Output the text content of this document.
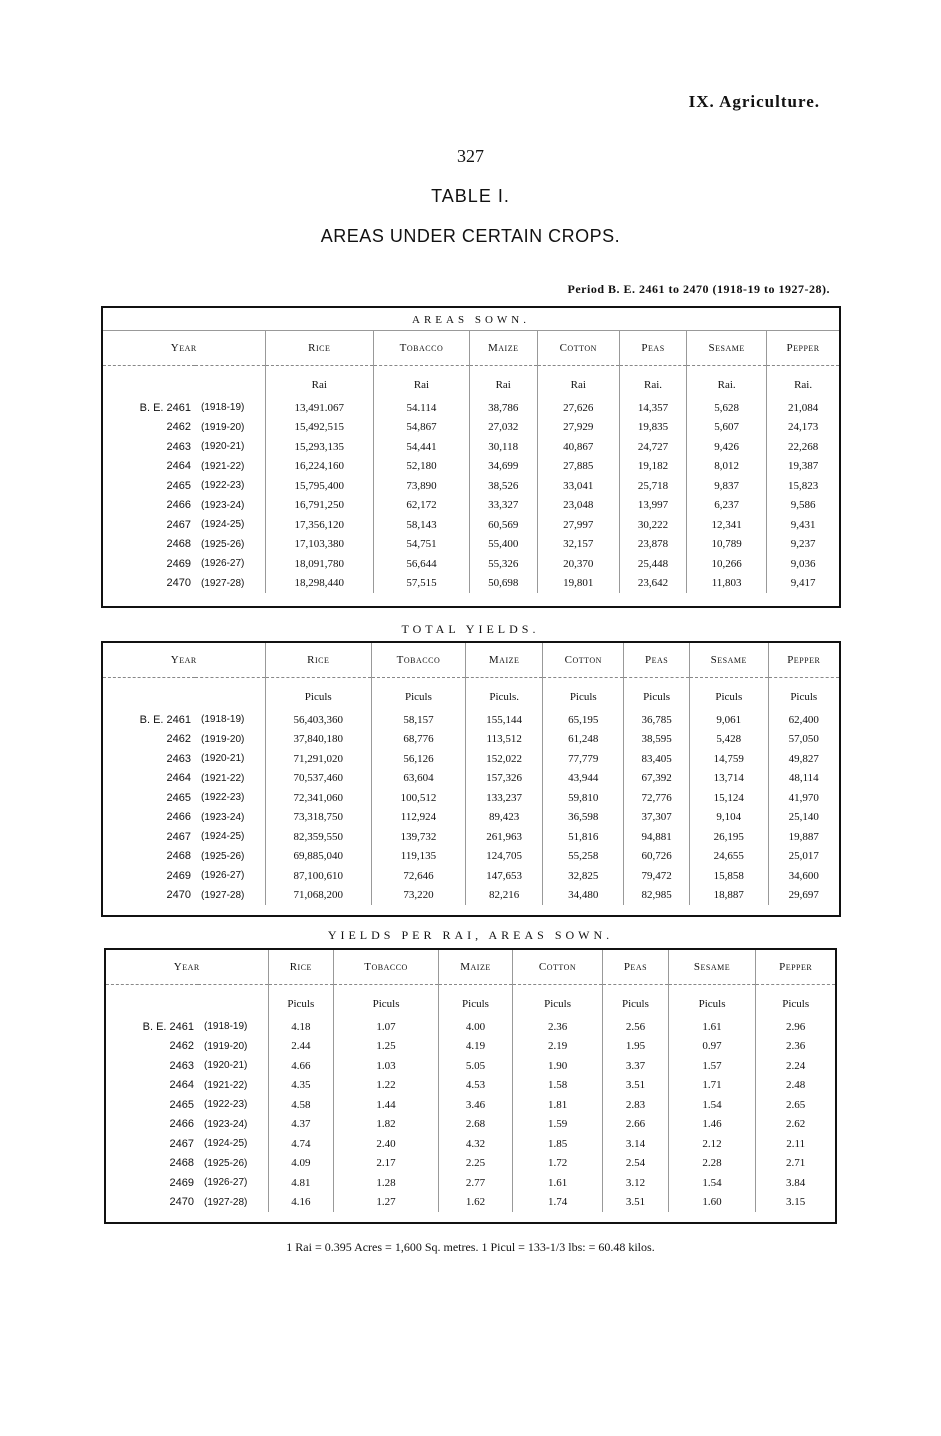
IX. Agriculture.
327
TABLE I.
AREAS UNDER CERTAIN CROPS.
Period B. E. 2461 to 2470 (1918-19 to 1927-28).
AREAS SOWN.
Year		Rice	Tobacco	Maize	Cotton	Peas	Sesame	Pepper
		Rai	Rai	Rai	Rai	Rai.	Rai.	Rai.
B. E. 2461	(1918-19)	13,491.067	54.114	38,786	27,626	14,357	5,628	21,084
2462	(1919-20)	15,492,515	54,867	27,032	27,929	19,835	5,607	24,173
2463	(1920-21)	15,293,135	54,441	30,118	40,867	24,727	9,426	22,268
2464	(1921-22)	16,224,160	52,180	34,699	27,885	19,182	8,012	19,387
2465	(1922-23)	15,795,400	73,890	38,526	33,041	25,718	9,837	15,823
2466	(1923-24)	16,791,250	62,172	33,327	23,048	13,997	6,237	9,586
2467	(1924-25)	17,356,120	58,143	60,569	27,997	30,222	12,341	9,431
2468	(1925-26)	17,103,380	54,751	55,400	32,157	23,878	10,789	9,237
2469	(1926-27)	18,091,780	56,644	55,326	20,370	25,448	10,266	9,036
2470	(1927-28)	18,298,440	57,515	50,698	19,801	23,642	11,803	9,417
TOTAL YIELDS.
Year		Rice	Tobacco	Maize	Cotton	Peas	Sesame	Pepper
		Piculs	Piculs	Piculs.	Piculs	Piculs	Piculs	Piculs
B. E. 2461	(1918-19)	56,403,360	58,157	155,144	65,195	36,785	9,061	62,400
2462	(1919-20)	37,840,180	68,776	113,512	61,248	38,595	5,428	57,050
2463	(1920-21)	71,291,020	56,126	152,022	77,779	83,405	14,759	49,827
2464	(1921-22)	70,537,460	63,604	157,326	43,944	67,392	13,714	48,114
2465	(1922-23)	72,341,060	100,512	133,237	59,810	72,776	15,124	41,970
2466	(1923-24)	73,318,750	112,924	89,423	36,598	37,307	9,104	25,140
2467	(1924-25)	82,359,550	139,732	261,963	51,816	94,881	26,195	19,887
2468	(1925-26)	69,885,040	119,135	124,705	55,258	60,726	24,655	25,017
2469	(1926-27)	87,100,610	72,646	147,653	32,825	79,472	15,858	34,600
2470	(1927-28)	71,068,200	73,220	82,216	34,480	82,985	18,887	29,697
YIELDS PER RAI, AREAS SOWN.
Year		Rice	Tobacco	Maize	Cotton	Peas	Sesame	Pepper
		Piculs	Piculs	Piculs	Piculs	Piculs	Piculs	Piculs
B. E. 2461	(1918-19)	4.18	1.07	4.00	2.36	2.56	1.61	2.96
2462	(1919-20)	2.44	1.25	4.19	2.19	1.95	0.97	2.36
2463	(1920-21)	4.66	1.03	5.05	1.90	3.37	1.57	2.24
2464	(1921-22)	4.35	1.22	4.53	1.58	3.51	1.71	2.48
2465	(1922-23)	4.58	1.44	3.46	1.81	2.83	1.54	2.65
2466	(1923-24)	4.37	1.82	2.68	1.59	2.66	1.46	2.62
2467	(1924-25)	4.74	2.40	4.32	1.85	3.14	2.12	2.11
2468	(1925-26)	4.09	2.17	2.25	1.72	2.54	2.28	2.71
2469	(1926-27)	4.81	1.28	2.77	1.61	3.12	1.54	3.84
2470	(1927-28)	4.16	1.27	1.62	1.74	3.51	1.60	3.15
1 Rai = 0.395 Acres = 1,600 Sq. metres. 1 Picul = 133-1/3 lbs: = 60.48 kilos.
